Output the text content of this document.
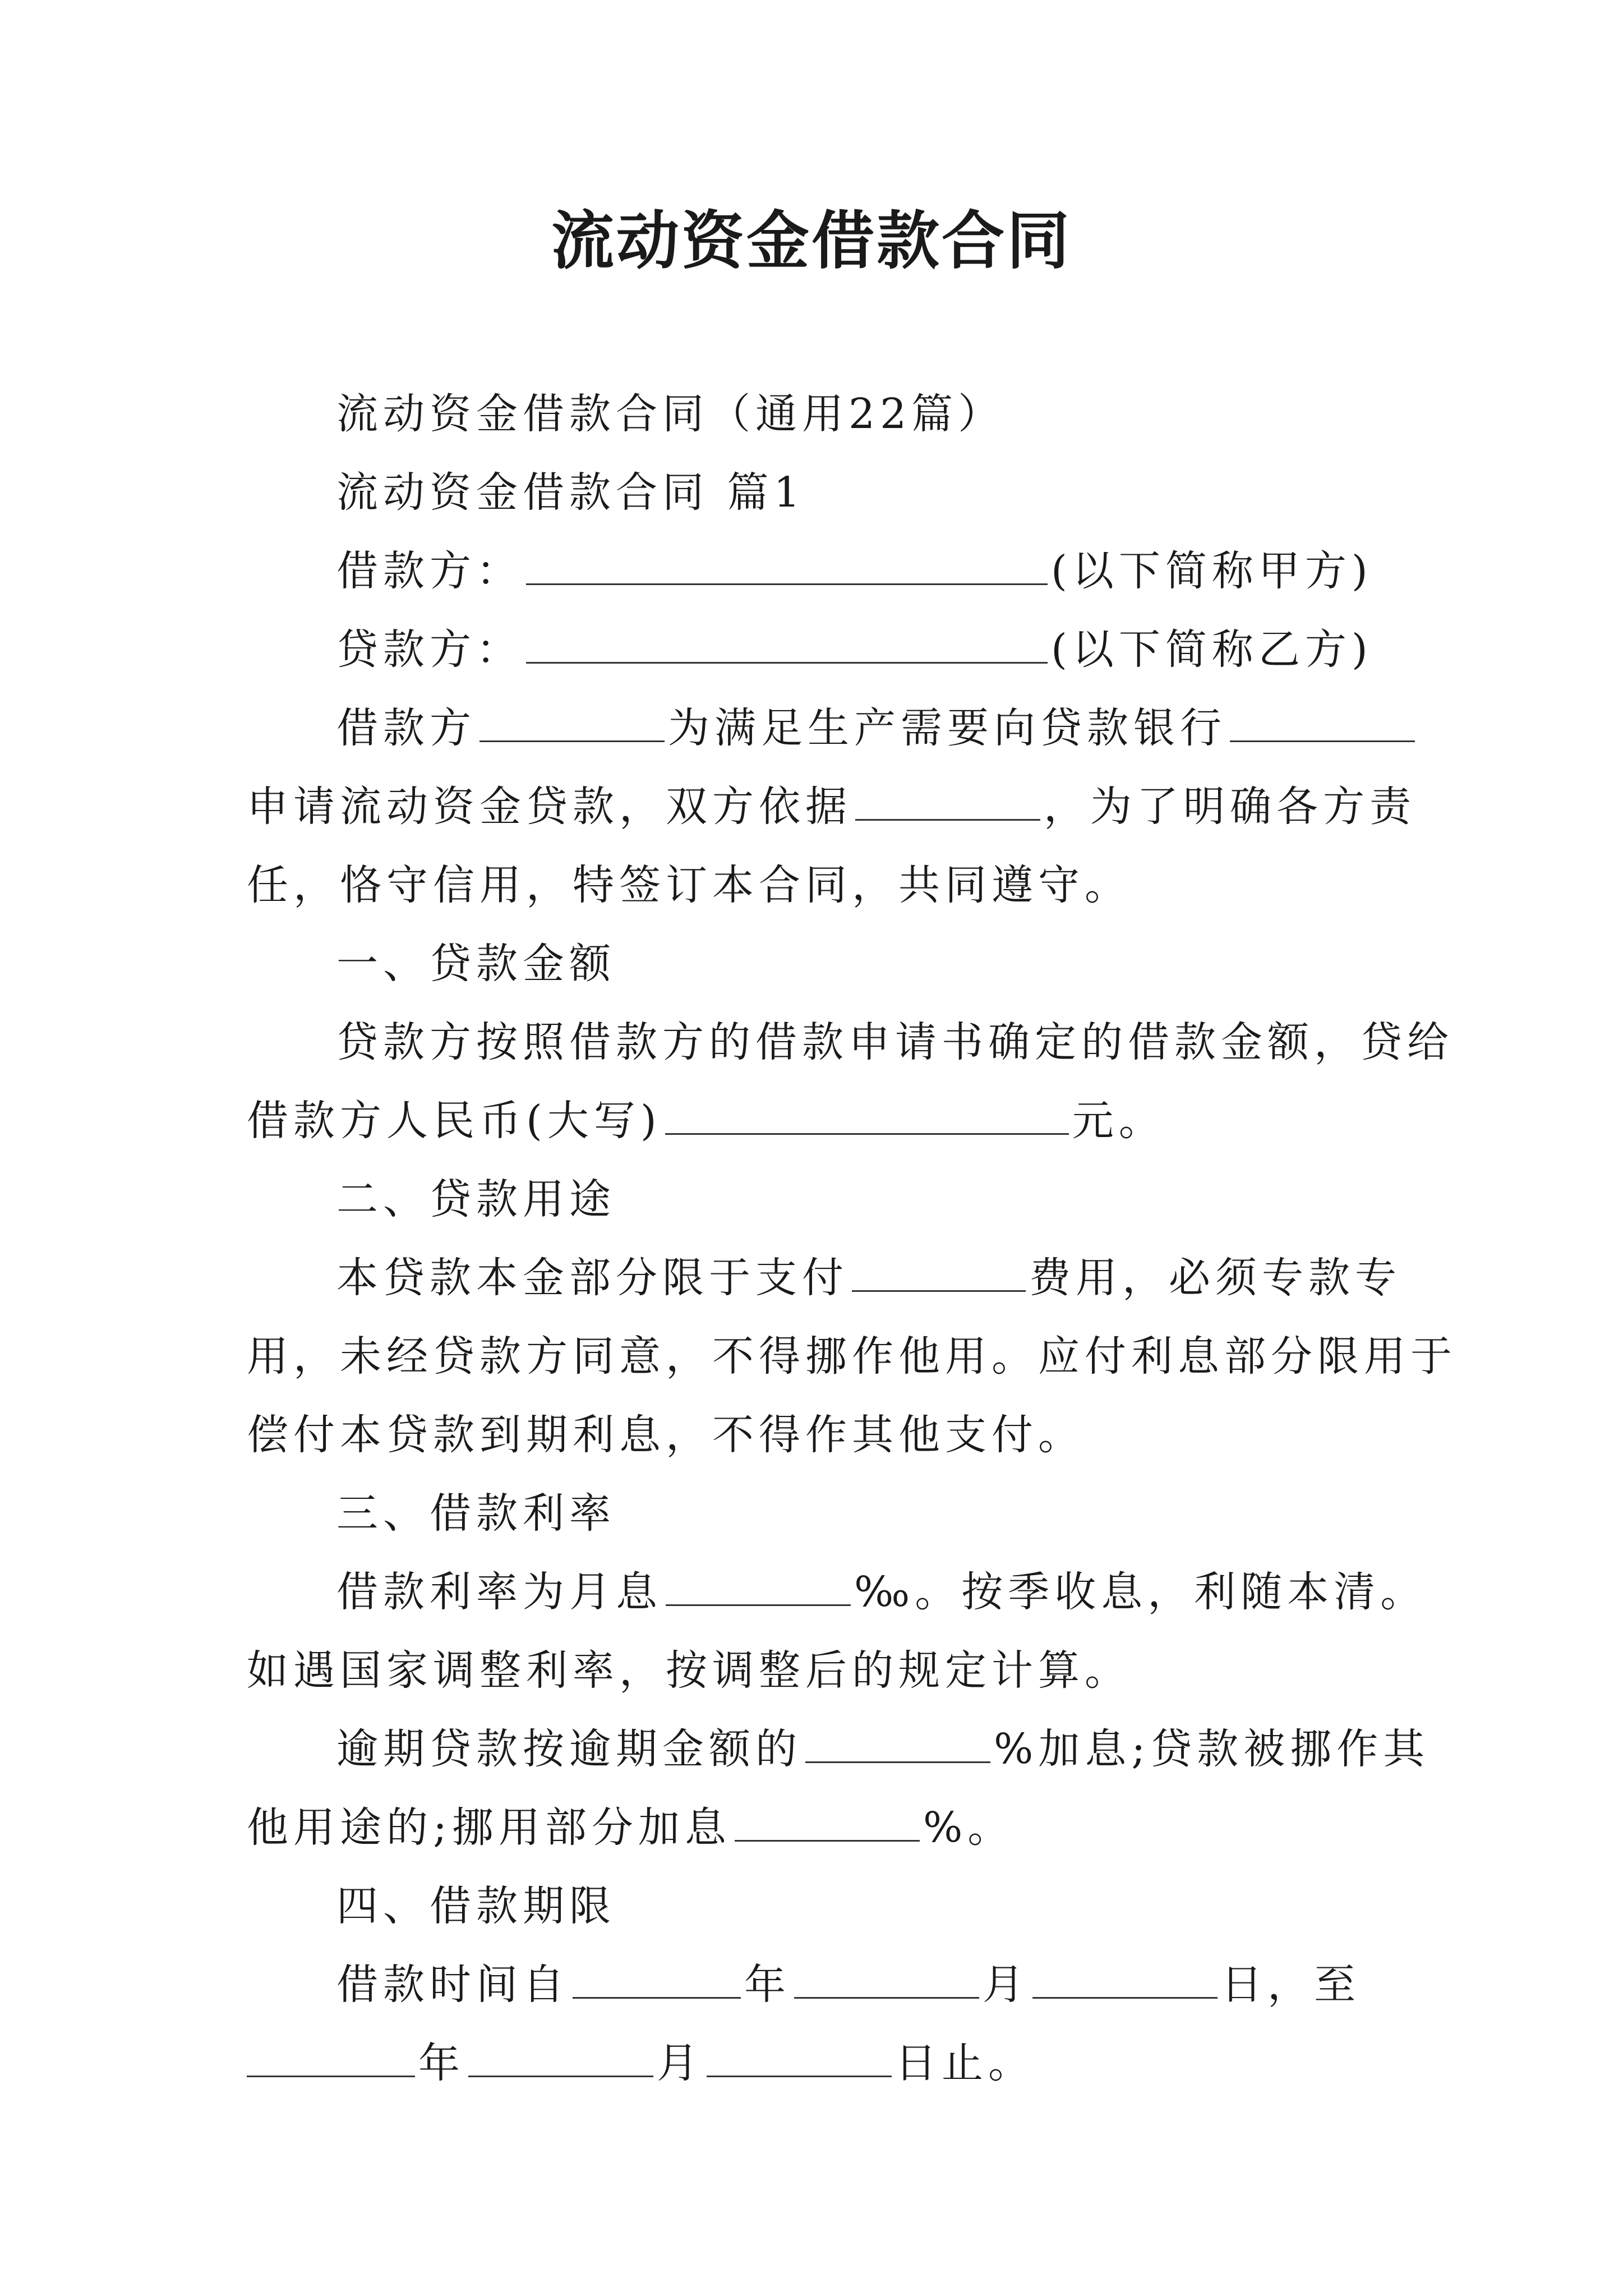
流动资金借款合同
流动资金借款合同（通用22篇）
流动资金借款合同 篇1
借款方：	(以下简称甲方)
贷款方：	(以下简称乙方)
借款方	为满足生产需要向贷款银行
申请流动资金贷款，双方依据	，为了明确各方责
任，恪守信用，特签订本合同，共同遵守。
一、贷款金额
贷款方按照借款方的借款申请书确定的借款金额，贷给
借款方人民币(大写)	元。
二、贷款用途
本贷款本金部分限于支付	费用，必须专款专
用，未经贷款方同意，不得挪作他用。应付利息部分限用于
偿付本贷款到期利息，不得作其他支付。
三、借款利率
借款利率为月息	‰。按季收息，利随本清。
如遇国家调整利率，按调整后的规定计算。
逾期贷款按逾期金额的	%加息;贷款被挪作其
他用途的;挪用部分加息	%。
四、借款期限
借款时间自	年	月	日，至
年	月	日止。
